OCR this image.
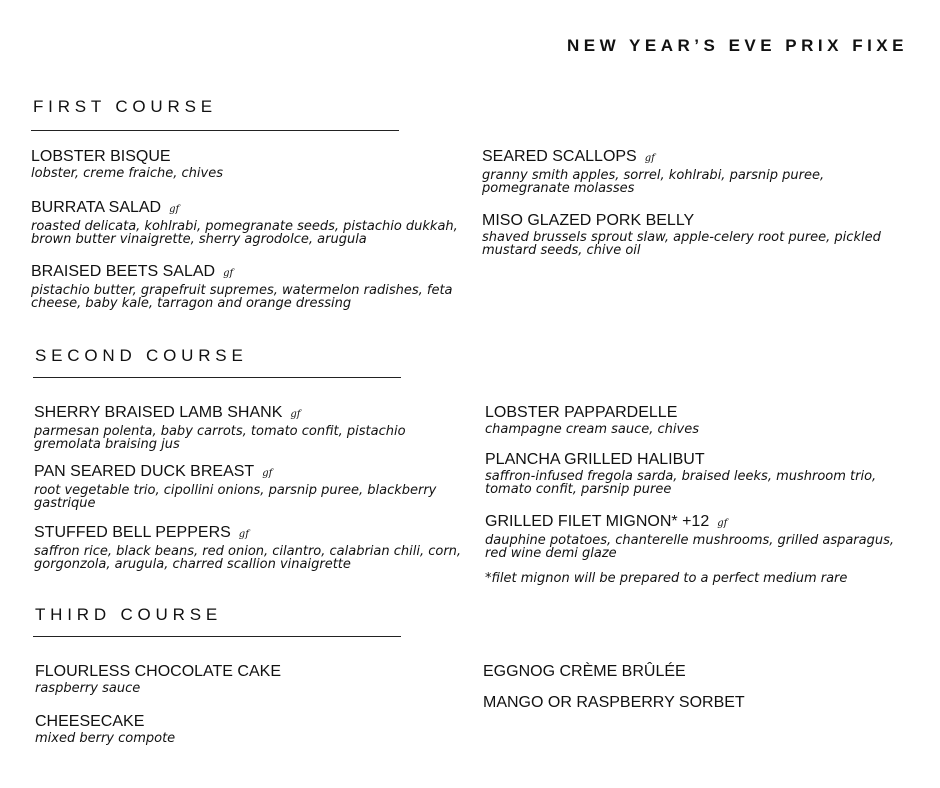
NEW YEAR’S EVE PRIX FIXE
FIRST COURSE
LOBSTER BISQUE
lobster, creme fraiche, chives
BURRATA SALAD gf
roasted delicata, kohlrabi, pomegranate seeds, pistachio dukkah, brown butter vinaigrette, sherry agrodolce, arugula
BRAISED BEETS SALAD gf
pistachio butter, grapefruit supremes, watermelon radishes, feta cheese, baby kale, tarragon and orange dressing
SEARED SCALLOPS gf
granny smith apples, sorrel, kohlrabi, parsnip puree, pomegranate molasses
MISO GLAZED PORK BELLY
shaved brussels sprout slaw, apple-celery root puree, pickled mustard seeds, chive oil
SECOND COURSE
SHERRY BRAISED LAMB SHANK gf
parmesan polenta, baby carrots, tomato confit, pistachio gremolata braising jus
PAN SEARED DUCK BREAST gf
root vegetable trio, cipollini onions, parsnip puree, blackberry gastrique
STUFFED BELL PEPPERS gf
saffron rice, black beans, red onion, cilantro, calabrian chili, corn, gorgonzola, arugula, charred scallion vinaigrette
LOBSTER PAPPARDELLE
champagne cream sauce, chives
PLANCHA GRILLED HALIBUT
saffron-infused fregola sarda, braised leeks, mushroom trio, tomato confit, parsnip puree
GRILLED FILET MIGNON* +12 gf
dauphine potatoes, chanterelle mushrooms, grilled asparagus, red wine demi glaze
*filet mignon will be prepared to a perfect medium rare
THIRD COURSE
FLOURLESS CHOCOLATE CAKE
raspberry sauce
CHEESECAKE
mixed berry compote
EGGNOG CRÈME BRÛLÉE
MANGO OR RASPBERRY SORBET
